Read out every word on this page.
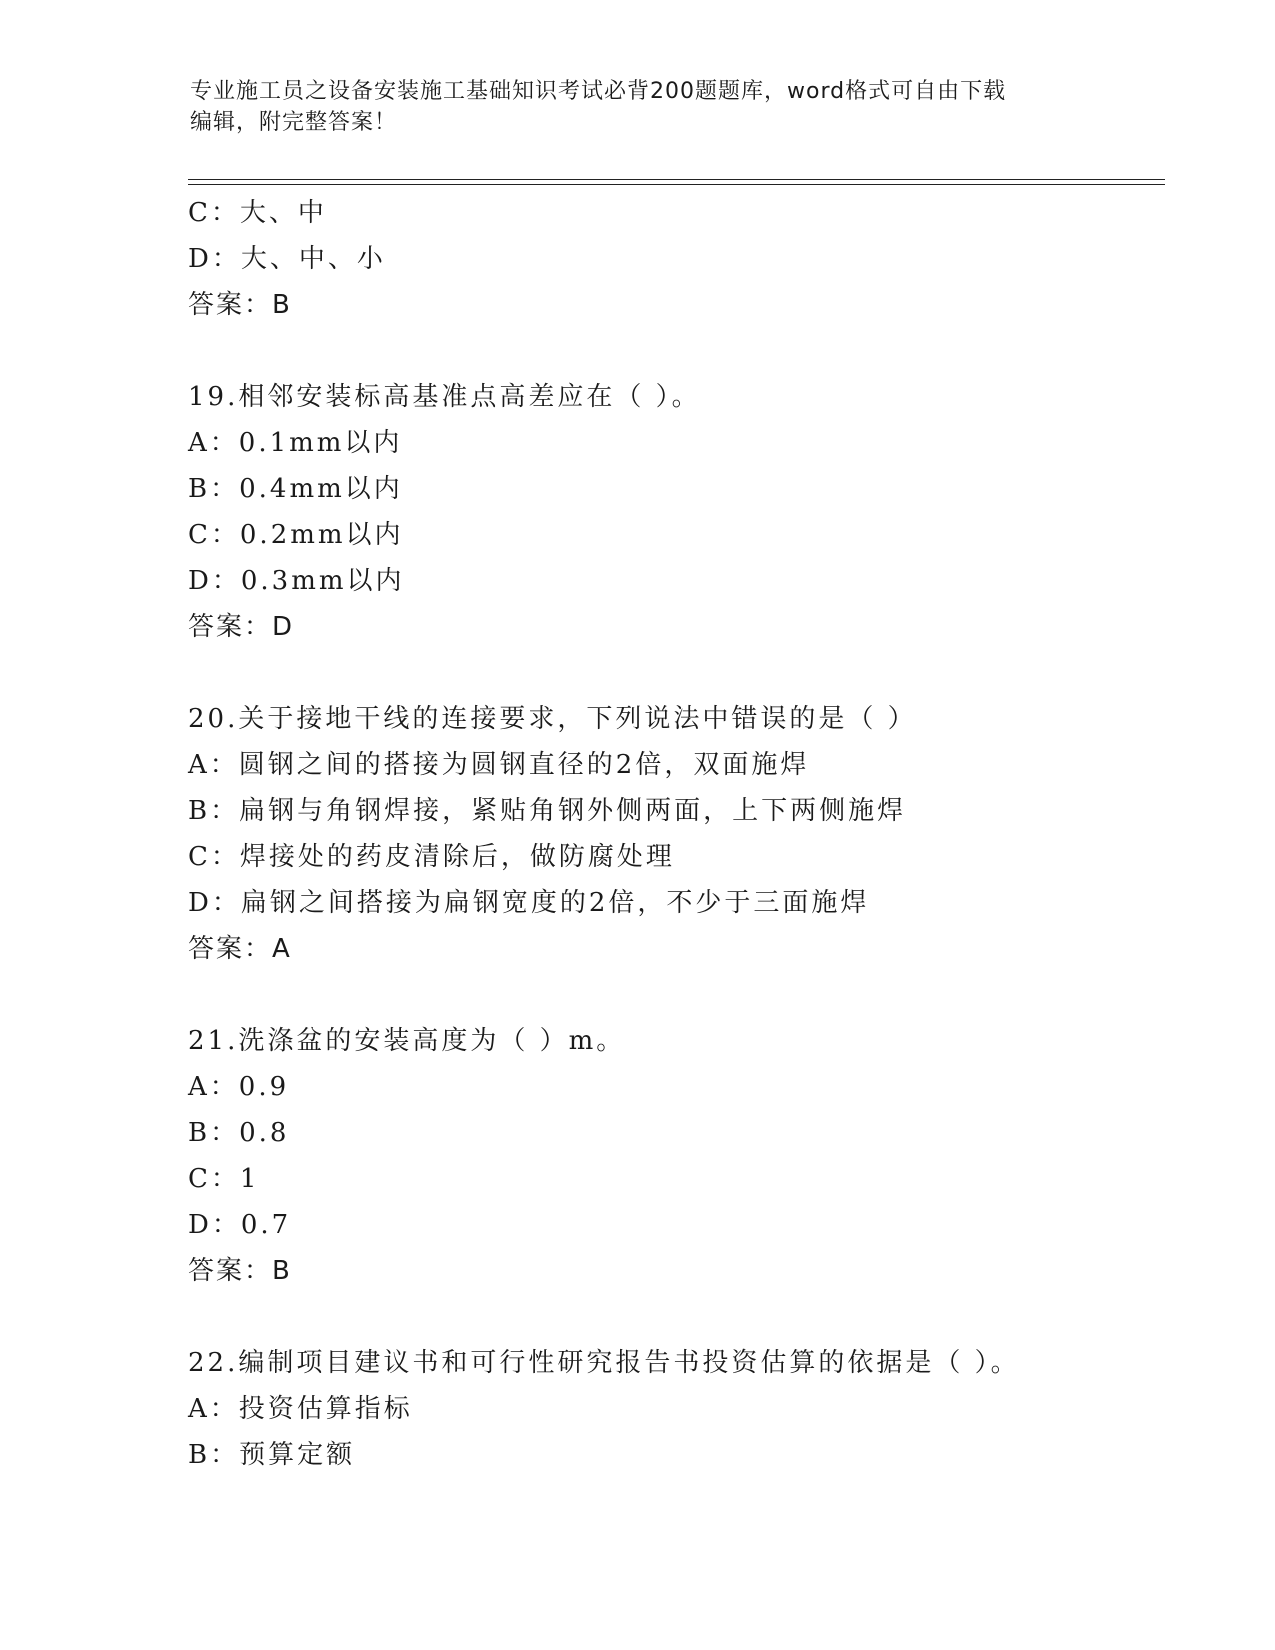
专业施工员之设备安装施工基础知识考试必背200题题库，word格式可自由下载
编辑，附完整答案！
C：大、中
D：大、中、小
答案：B
19.相邻安装标高基准点高差应在（ ）。
A：0.1mm以内
B：0.4mm以内
C：0.2mm以内
D：0.3mm以内
答案：D
20.关于接地干线的连接要求，下列说法中错误的是（ ）
A：圆钢之间的搭接为圆钢直径的2倍，双面施焊
B：扁钢与角钢焊接，紧贴角钢外侧两面，上下两侧施焊
C：焊接处的药皮清除后，做防腐处理
D：扁钢之间搭接为扁钢宽度的2倍，不少于三面施焊
答案：A
21.洗涤盆的安装高度为（ ）m。
A：0.9
B：0.8
C：1
D：0.7
答案：B
22.编制项目建议书和可行性研究报告书投资估算的依据是（ ）。
A：投资估算指标
B：预算定额
